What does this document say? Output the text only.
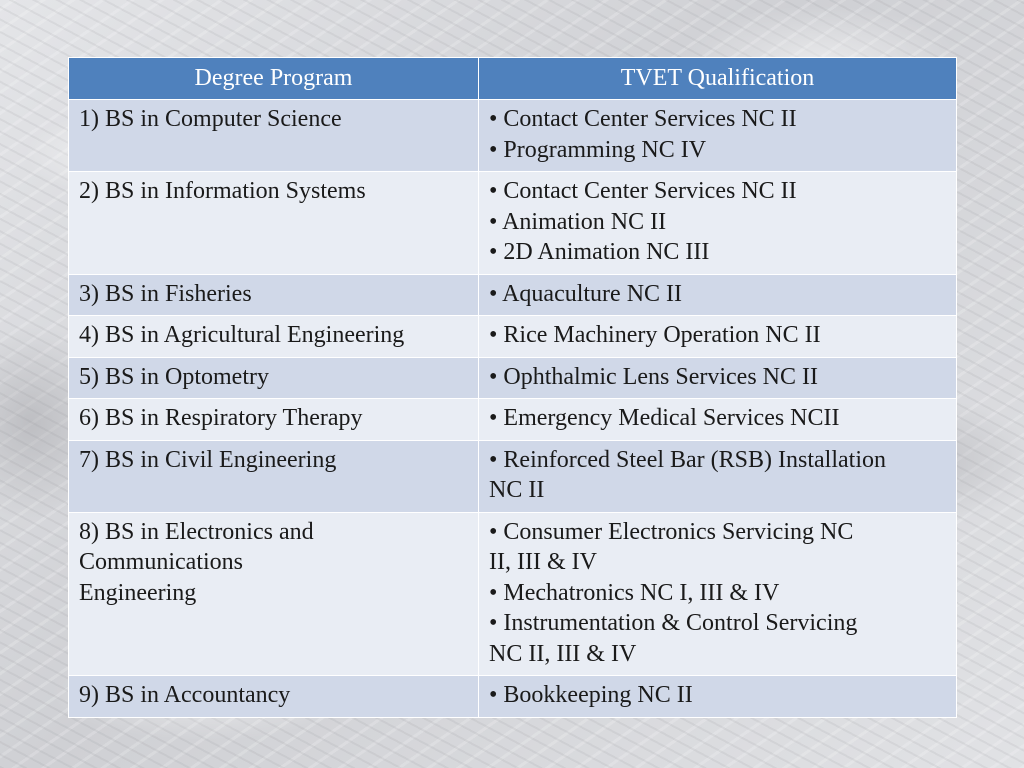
Degree Program	TVET Qualification

1) BS in Computer Science	• Contact Center Services NC II
• Programming NC IV

2) BS in Information Systems	• Contact Center Services NC II
• Animation NC II
• 2D Animation NC III

3) BS in Fisheries	• Aquaculture NC II

4) BS in Agricultural Engineering	• Rice Machinery Operation NC II

5) BS in Optometry	• Ophthalmic Lens Services NC II

6) BS in Respiratory Therapy	• Emergency Medical Services NCII

7) BS in Civil Engineering	• Reinforced Steel Bar (RSB) Installation
NC II

8) BS in Electronics and
Communications
Engineering	• Consumer Electronics Servicing NC
II, III & IV
• Mechatronics NC I, III & IV
• Instrumentation & Control Servicing
NC II, III & IV

9) BS in Accountancy	• Bookkeeping NC II
